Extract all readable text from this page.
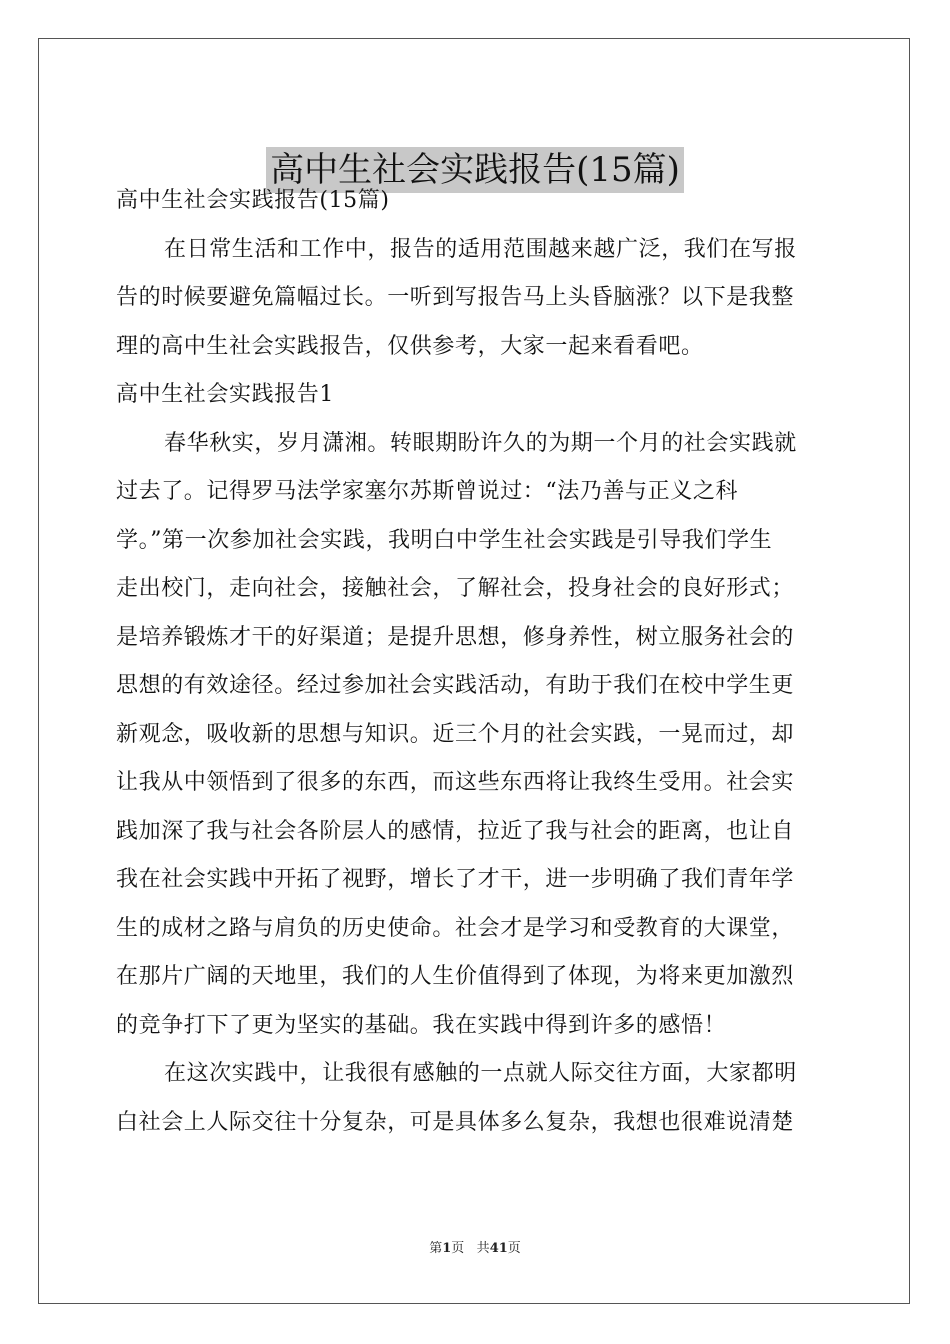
高中生社会实践报告(15篇)
高中生社会实践报告(15篇)
在日常生活和工作中，报告的适用范围越来越广泛，我们在写报
告的时候要避免篇幅过长。一听到写报告马上头昏脑涨？以下是我整
理的高中生社会实践报告，仅供参考，大家一起来看看吧。
高中生社会实践报告1
春华秋实，岁月潇湘。转眼期盼许久的为期一个月的社会实践就
过去了。记得罗马法学家塞尔苏斯曾说过：“法乃善与正义之科
学。”第一次参加社会实践，我明白中学生社会实践是引导我们学生
走出校门，走向社会，接触社会，了解社会，投身社会的良好形式；
是培养锻炼才干的好渠道；是提升思想，修身养性，树立服务社会的
思想的有效途径。经过参加社会实践活动，有助于我们在校中学生更
新观念，吸收新的思想与知识。近三个月的社会实践，一晃而过，却
让我从中领悟到了很多的东西，而这些东西将让我终生受用。社会实
践加深了我与社会各阶层人的感情，拉近了我与社会的距离，也让自
我在社会实践中开拓了视野，增长了才干，进一步明确了我们青年学
生的成材之路与肩负的历史使命。社会才是学习和受教育的大课堂，
在那片广阔的天地里，我们的人生价值得到了体现，为将来更加激烈
的竞争打下了更为坚实的基础。我在实践中得到许多的感悟！
在这次实践中，让我很有感触的一点就人际交往方面，大家都明
白社会上人际交往十分复杂，可是具体多么复杂，我想也很难说清楚
第1页 共41页
